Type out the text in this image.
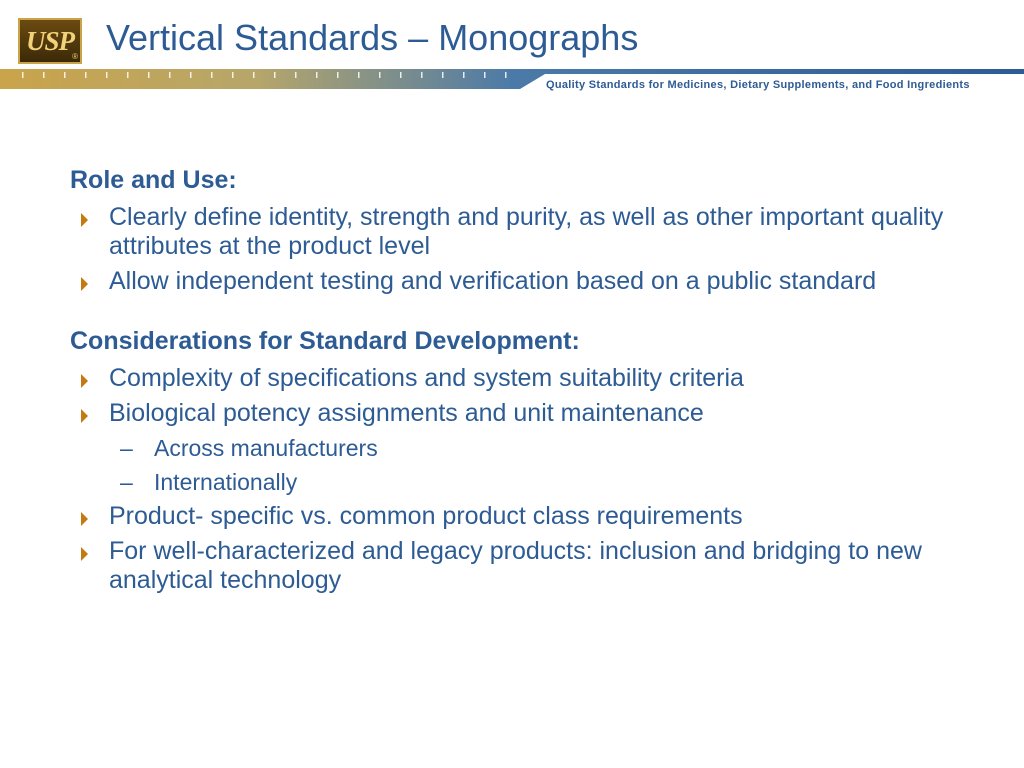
USP
® Vertical Standards – Monographs
Quality Standards for Medicines, Dietary Supplements, and Food Ingredients
Role and Use:
Clearly define identity, strength and purity, as well as other important quality attributes at the product level
Allow independent testing and verification based on a public standard
Considerations for Standard Development:
Complexity of specifications and system suitability criteria
Biological potency assignments and unit maintenance
– Across manufacturers
– Internationally
Product- specific vs. common product class requirements
For well-characterized and legacy products: inclusion and bridging to new analytical technology
